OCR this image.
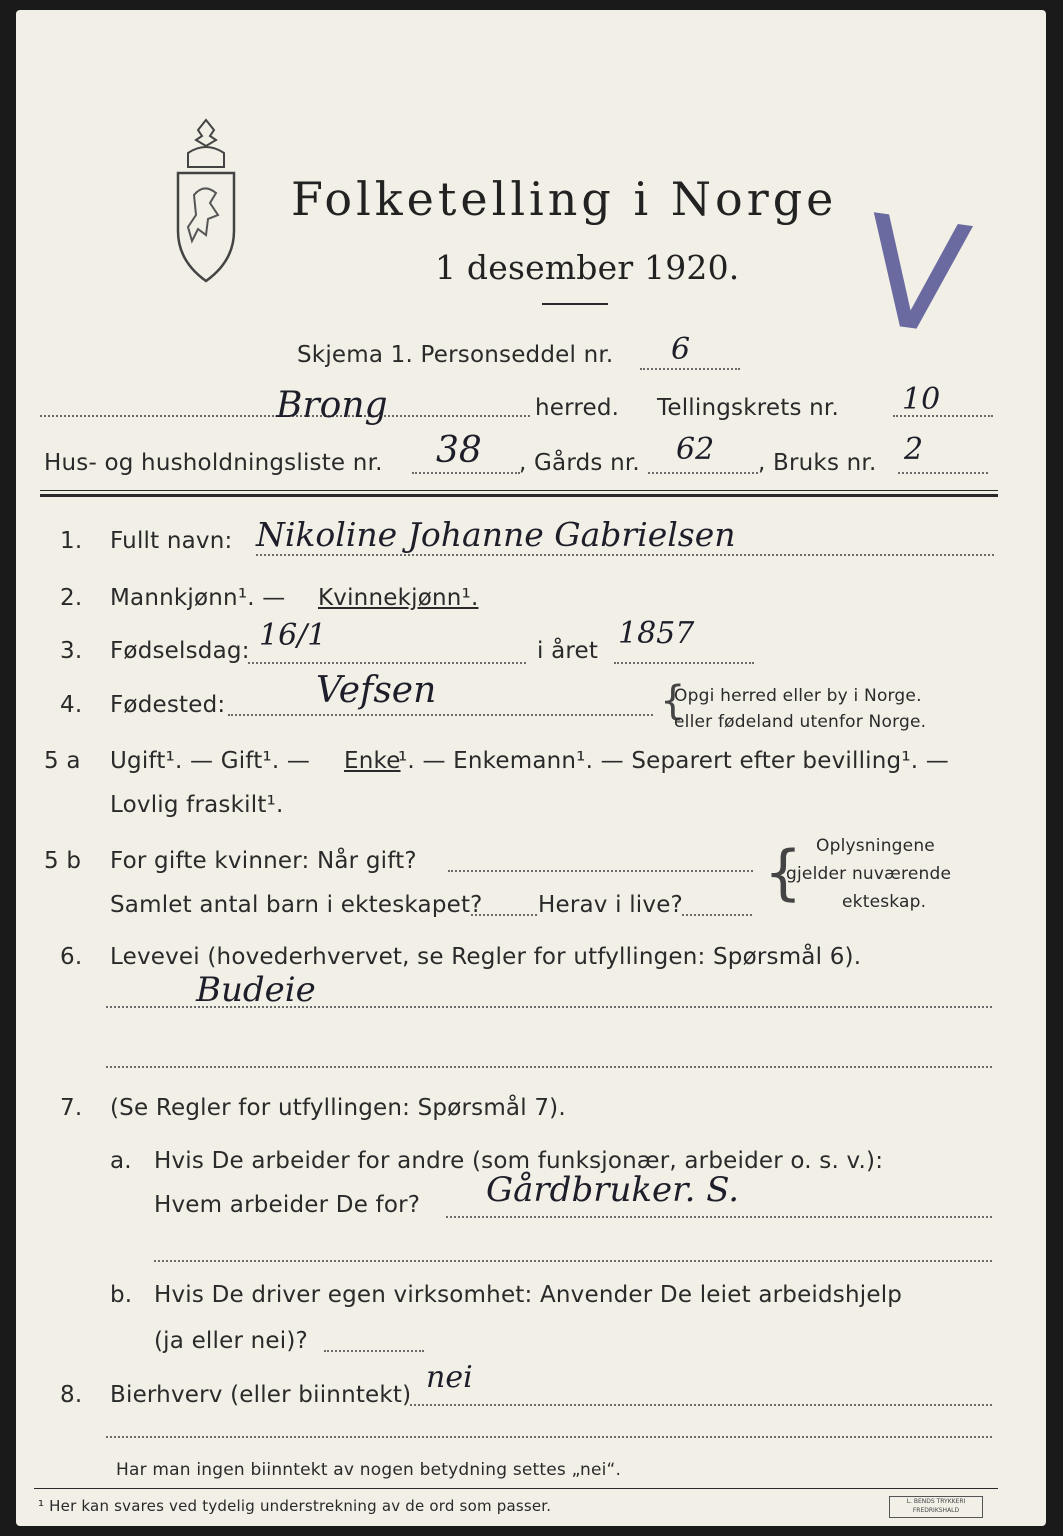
Folketelling i Norge
1 desember 1920. V
Skjema 1. Personseddel nr. 6
Brong	herred. Tellingskrets nr. 10
Hus- og husholdningsliste nr. 38 , Gårds nr. 62 , Bruks nr. 2
1. Fullt navn: Nikoline Johanne Gabrielsen
2. Mannkjønn¹. — Kvinnekjønn¹.
3. Fødselsdag: 16/1	i året 1857
4. Fødested:	Vefsen	{
Opgi herred eller by i Norge.
eller fødeland utenfor Norge.
5 a Ugift¹. — Gift¹. — Enke
¹. — Enkemann¹. — Separert efter bevilling¹. —
Lovlig fraskilt¹.
5 b For gifte kvinner: Når gift?
Samlet antal barn i ekteskapet? Herav i live? { Oplysningene
gjelder nuværende
ekteskap.
6. Levevei (hovederhvervet, se Regler for utfyllingen: Spørsmål 6).
Budeie
7. (Se Regler for utfyllingen: Spørsmål 7).
a. Hvis De arbeider for andre (som funksjonær, arbeider o. s. v.):
Hvem arbeider De for? Gårdbruker. S.
b. Hvis De driver egen virksomhet: Anvender De leiet arbeidshjelp
(ja eller nei)?
8. Bierhverv (eller biinntekt) nei
Har man ingen biinntekt av nogen betydning settes „nei“.
¹ Her kan svares ved tydelig understrekning av de ord som passer.	L. BENDS TRYKKERI FREDRIKSHALD
